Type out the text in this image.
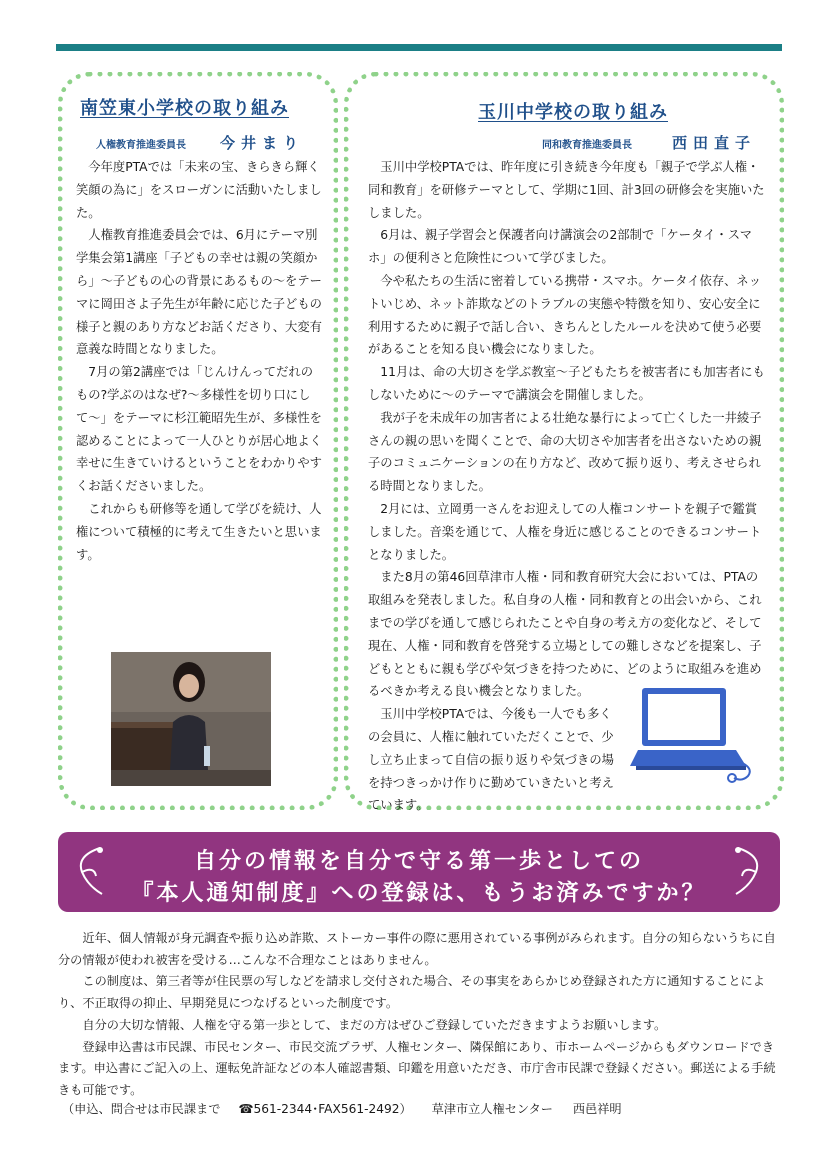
南笠東小学校の取り組み
人権教育推進委員長 今井まり

今年度PTAでは「未来の宝、きらきら輝く笑顔の為に」をスローガンに活動いたしました。

人権教育推進委員会では、6月にテーマ別学集会第1講座「子どもの幸せは親の笑顔から」～子どもの心の背景にあるもの～をテーマに岡田さよ子先生が年齢に応じた子どもの様子と親のあり方などお話くださり、大変有意義な時間となりました。

7月の第2講座では「じんけんってだれのもの?学ぶのはなぜ?～多様性を切り口にして～」をテーマに杉江範昭先生が、多様性を認めることによって一人ひとりが居心地よく幸せに生きていけるということをわかりやすくお話くださいました。

これからも研修等を通して学びを続け、人権について積極的に考えて生きたいと思います。

玉川中学校の取り組み
同和教育推進委員長	西田直子

玉川中学校PTAでは、昨年度に引き続き今年度も「親子で学ぶ人権・同和教育」を研修テーマとして、学期に1回、計3回の研修会を実施いたしました。

6月は、親子学習会と保護者向け講演会の2部制で「ケータイ・スマホ」の便利さと危険性について学びました。

今や私たちの生活に密着している携帯・スマホ。ケータイ依存、ネットいじめ、ネット詐欺などのトラブルの実態や特徴を知り、安心安全に利用するために親子で話し合い、きちんとしたルールを決めて使う必要があることを知る良い機会になりました。

11月は、命の大切さを学ぶ教室～子どもたちを被害者にも加害者にもしないために～のテーマで講演会を開催しました。

我が子を未成年の加害者による壮絶な暴行によって亡くした一井綾子さんの親の思いを聞くことで、命の大切さや加害者を出さないための親子のコミュニケーションの在り方など、改めて振り返り、考えさせられる時間となりました。

2月には、立岡勇一さんをお迎えしての人権コンサートを親子で鑑賞しました。音楽を通じて、人権を身近に感じることのできるコンサートとなりました。

また8月の第46回草津市人権・同和教育研究大会においては、PTAの取組みを発表しました。私自身の人権・同和教育との出会いから、これまでの学びを通して感じられたことや自身の考え方の変化など、そして現在、人権・同和教育を啓発する立場としての難しさなどを提案し、子どもとともに親も学びや気づきを持つために、どのように取組みを進めるべきか考える良い機会となりました。

玉川中学校PTAでは、今後も一人でも多くの会員に、人権に触れていただくことで、少し立ち止まって自信の振り返りや気づきの場を持つきっかけ作りに勤めていきたいと考えています。

自分の情報を自分で守る第一歩としての
『本人通知制度』への登録は、もうお済みですか？

近年、個人情報が身元調査や振り込め詐欺、ストーカー事件の際に悪用されている事例がみられます。自分の知らないうちに自分の情報が使われ被害を受ける…こんな不合理なことはありません。

この制度は、第三者等が住民票の写しなどを請求し交付された場合、その事実をあらかじめ登録された方に通知することにより、不正取得の抑止、早期発見につなげるといった制度です。

自分の大切な情報、人権を守る第一歩として、まだの方はぜひご登録していただきますようお願いします。

登録申込書は市民課、市民センター、市民交流プラザ、人権センター、隣保館にあり、市ホームページからもダウンロードできます。申込書にご記入の上、運転免許証などの本人確認書類、印鑑を用意いただき、市庁舎市民課で登録ください。郵送による手続きも可能です。

（申込、問合せは市民課まで ☎561-2344･FAX561-2492） 草津市立人権センター 西邑祥明
